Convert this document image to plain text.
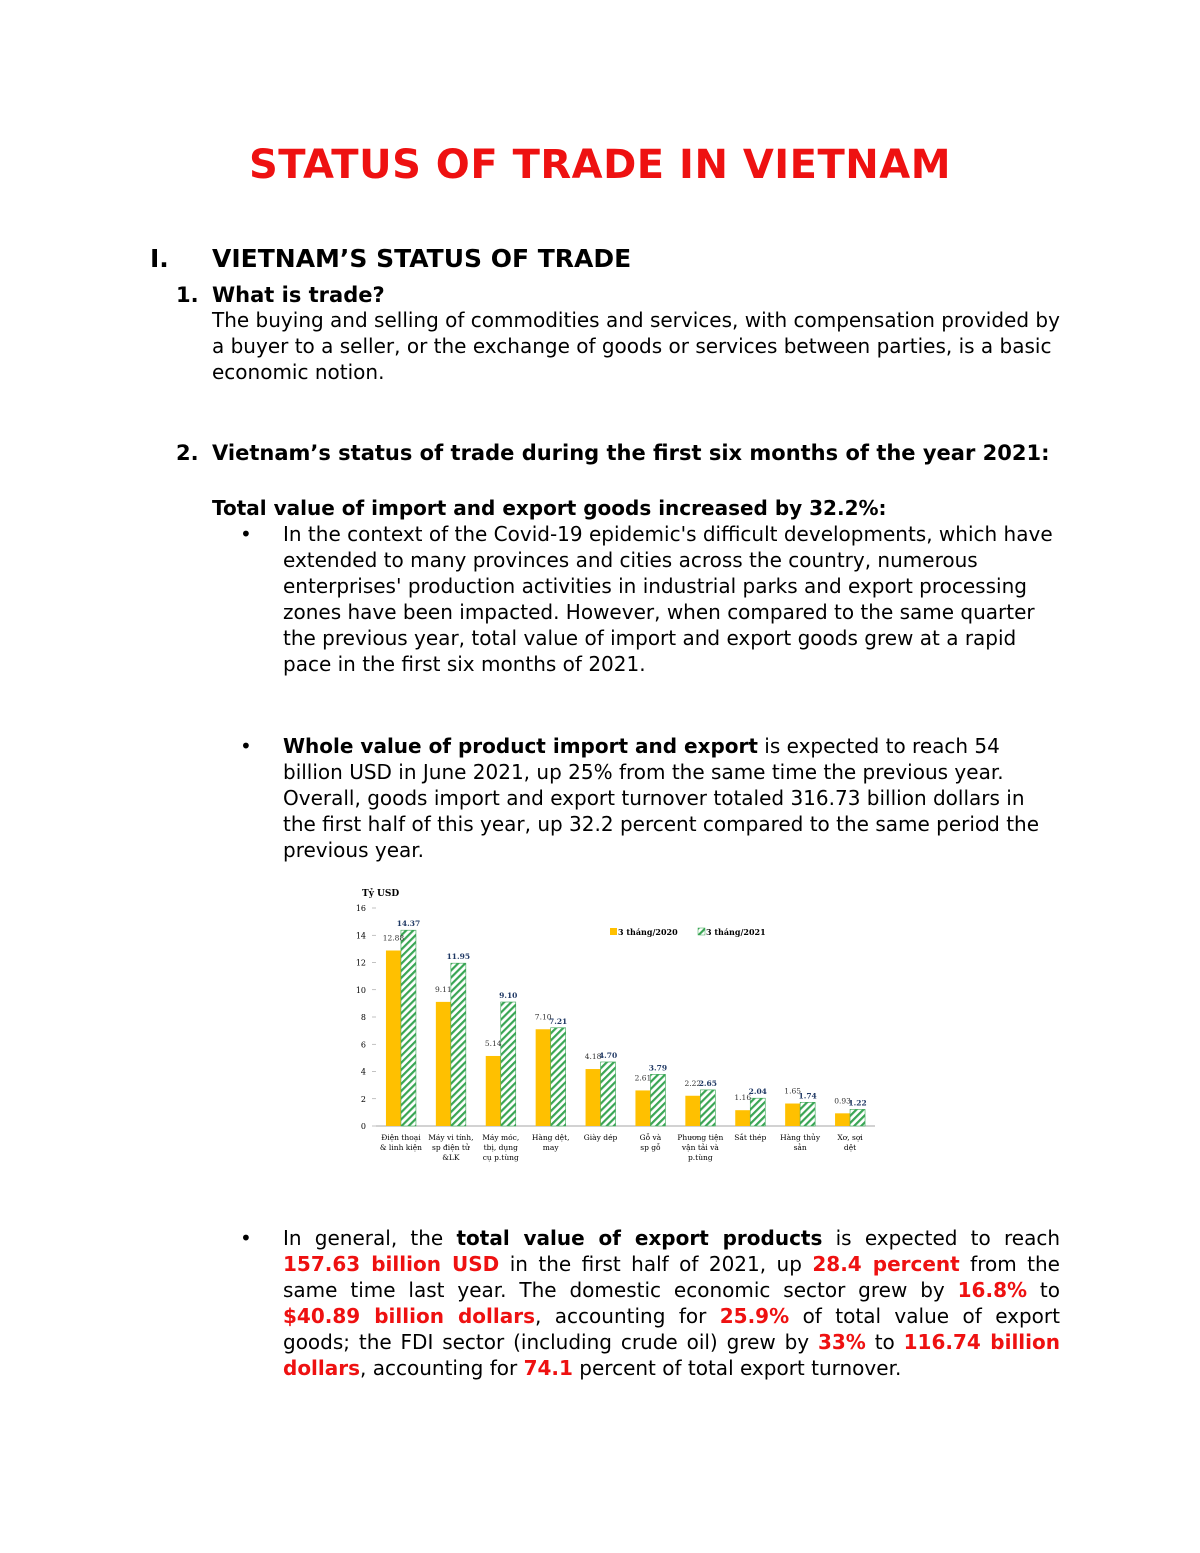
STATUS OF TRADE IN VIETNAM
I. VIETNAM’S STATUS OF TRADE
1. What is trade?

The buying and selling of commodities and services, with compensation provided by a buyer to a seller, or the exchange of goods or services between parties, is a basic economic notion.

2. Vietnam’s status of trade during the first six months of the year 2021:

Total value of import and export goods increased by 32.2%:

• In the context of the Covid-19 epidemic's difficult developments, which have extended to many provinces and cities across the country, numerous enterprises' production activities in industrial parks and export processing zones have been impacted. However, when compared to the same quarter the previous year, total value of import and export goods grew at a rapid pace in the first six months of 2021.
• Whole value of product import and export is expected to reach 54 billion USD in June 2021, up 25% from the same time the previous year. Overall, goods import and export turnover totaled 316.73 billion dollars in the first half of this year, up 32.2 percent compared to the same period the previous year.
Tỷ USD
0
2
4
6
8
10
12
14
16
12.88
14.37
Điện thoại
& linh kiện
9.11
11.95
Máy vi tính,
sp điện tử
&LK
5.14
9.10
Máy móc,
tbị, dụng
cụ p.tùng
7.10
7.21
Hàng dệt,
may
4.18
4.70
Giày dép
2.61
3.79
Gỗ và
sp gỗ
2.22
2.65
Phương tiện
vận tải và
p.tùng
1.16
2.04
Sắt thép
1.65
1.74
Hàng thủy
sản
0.93
1.22
Xơ, sợi
dệt
3 tháng/2020	3 tháng/2021
• In general, the total value of export products is expected to reach 157.63 billion USD in the first half of 2021, up 28.4 percent from the same time last year. The domestic economic sector grew by 16.8% to $40.89 billion dollars, accounting for 25.9% of total value of export goods; the FDI sector (including crude oil) grew by 33% to 116.74 billion dollars, accounting for 74.1 percent of total export turnover.
